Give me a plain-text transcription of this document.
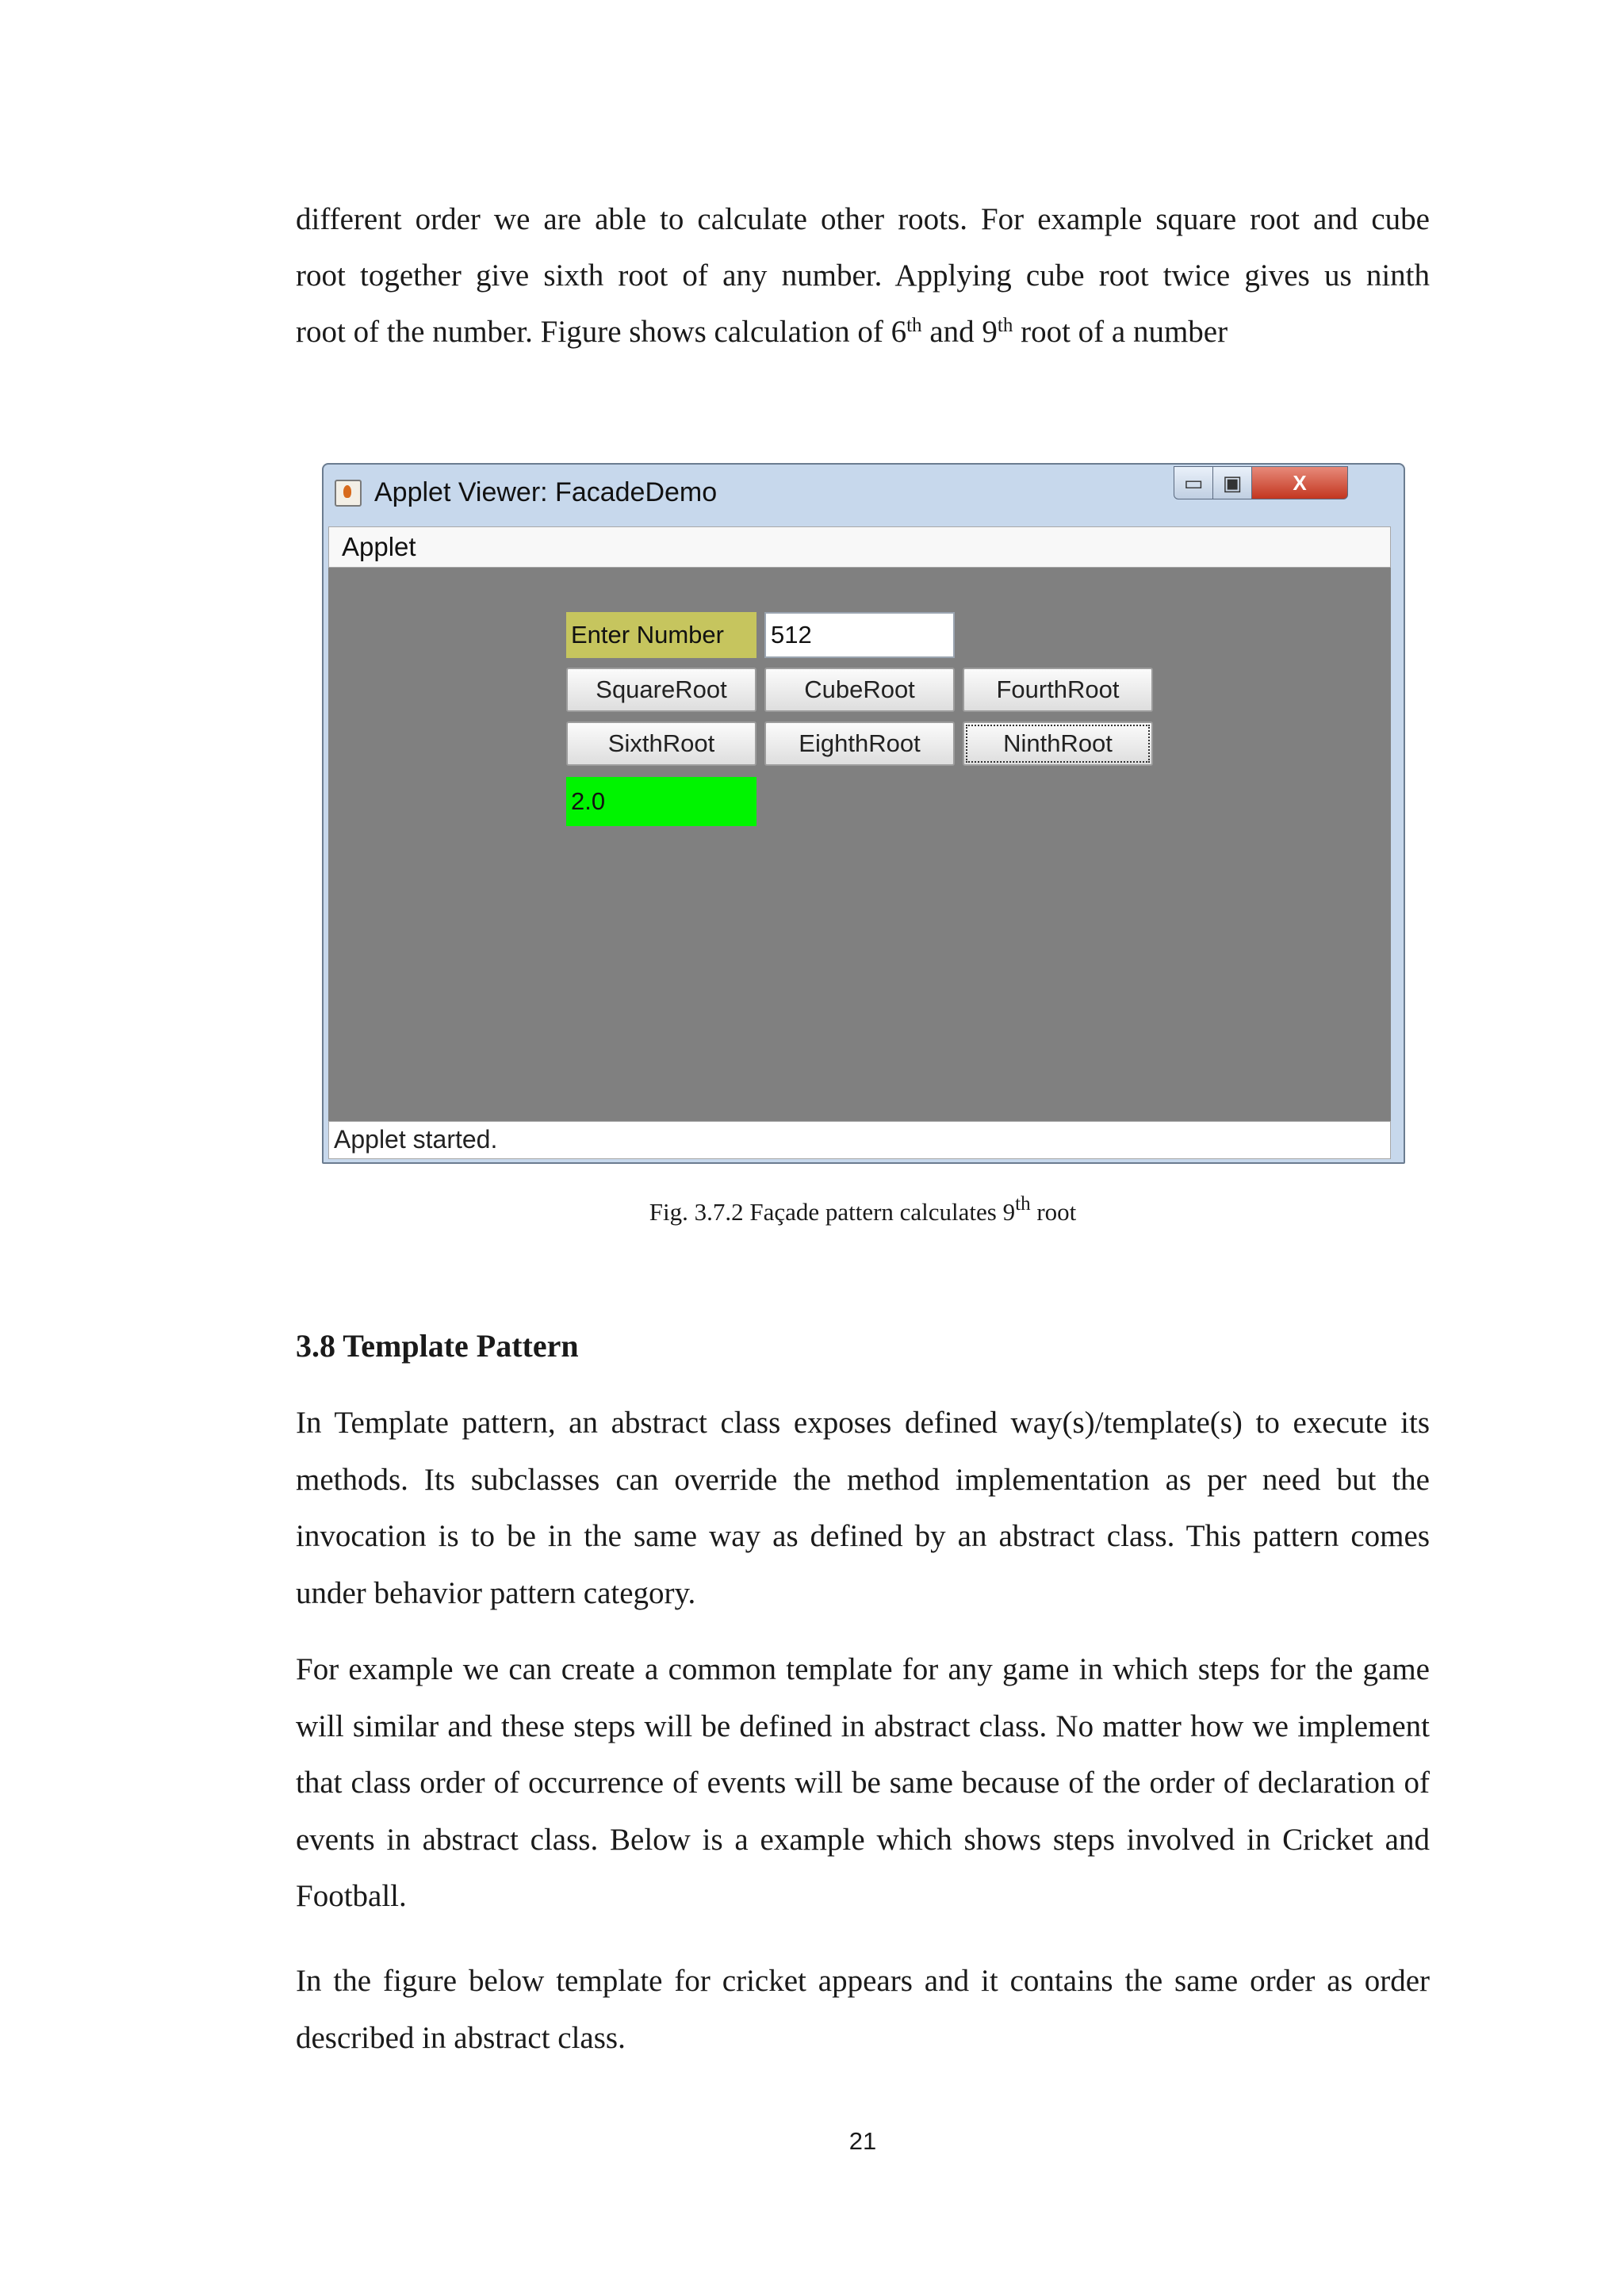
different order we are able to calculate other roots. For example square root and cube

root together give sixth root of any number. Applying cube root twice gives us ninth

root of the number. Figure shows calculation of 6th and 9th root of a number

Applet Viewer: FacadeDemo	▭ ▣	X
Applet
Enter Number	512
SquareRoot	CubeRoot	FourthRoot
SixthRoot	EighthRoot	NinthRoot
2.0
Applet started.
Fig. 3.7.2 Façade pattern calculates 9th root
3.8 Template Pattern

In Template pattern, an abstract class exposes defined way(s)/template(s) to execute its methods. Its subclasses can override the method implementation as per need but the invocation is to be in the same way as defined by an abstract class. This pattern comes under behavior pattern category.

For example we can create a common template for any game in which steps for the game will similar and these steps will be defined in abstract class. No matter how we implement that class order of occurrence of events will be same because of the order of declaration of events in abstract class. Below is a example which shows steps involved in Cricket and Football.

In the figure below template for cricket appears and it contains the same order as order described in abstract class.

21
